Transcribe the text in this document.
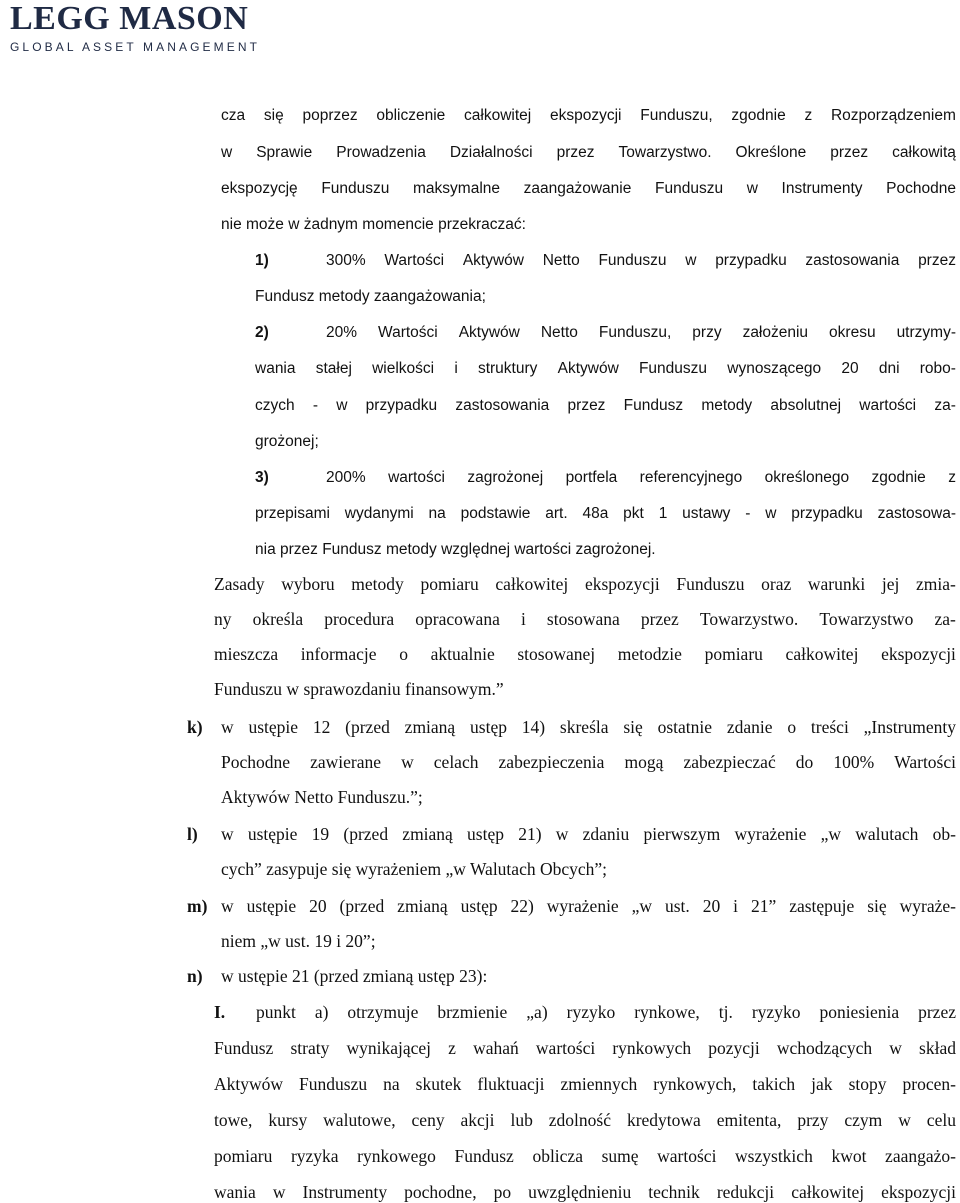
LEGG MASON

GLOBAL ASSET MANAGEMENT

cza się poprzez obliczenie całkowitej ekspozycji Funduszu, zgodnie z Rozporządzeniem
w Sprawie Prowadzenia Działalności przez Towarzystwo. Określone przez całkowitą
ekspozycję Funduszu maksymalne zaangażowanie Funduszu w Instrumenty Pochodne
nie może w żadnym momencie przekraczać:
1)	300% Wartości Aktywów Netto Funduszu w przypadku zastosowania przez
Fundusz metody zaangażowania;
2)	20% Wartości Aktywów Netto Funduszu, przy założeniu okresu utrzymy-
wania stałej wielkości i struktury Aktywów Funduszu wynoszącego 20 dni robo-
czych - w przypadku zastosowania przez Fundusz metody absolutnej wartości za-
grożonej;
3)	200% wartości zagrożonej portfela referencyjnego określonego zgodnie z
przepisami wydanymi na podstawie art. 48a pkt 1 ustawy - w przypadku zastosowa-
nia przez Fundusz metody względnej wartości zagrożonej.
Zasady wyboru metody pomiaru całkowitej ekspozycji Funduszu oraz warunki jej zmia-
ny określa procedura opracowana i stosowana przez Towarzystwo. Towarzystwo za-
mieszcza informacje o aktualnie stosowanej metodzie pomiaru całkowitej ekspozycji
Funduszu w sprawozdaniu finansowym.”
k) w ustępie 12 (przed zmianą ustęp 14) skreśla się ostatnie zdanie o treści „Instrumenty
Pochodne zawierane w celach zabezpieczenia mogą zabezpieczać do 100% Wartości
Aktywów Netto Funduszu.”;
l) w ustępie 19 (przed zmianą ustęp 21) w zdaniu pierwszym wyrażenie „w walutach ob-
cych” zasypuje się wyrażeniem „w Walutach Obcych”;
m) w ustępie 20 (przed zmianą ustęp 22) wyrażenie „w ust. 20 i 21” zastępuje się wyraże-
niem „w ust. 19 i 20”;
n) w ustępie 21 (przed zmianą ustęp 23):
I. punkt a) otrzymuje brzmienie „a) ryzyko rynkowe, tj. ryzyko poniesienia przez
Fundusz straty wynikającej z wahań wartości rynkowych pozycji wchodzących w skład
Aktywów Funduszu na skutek fluktuacji zmiennych rynkowych, takich jak stopy procen-
towe, kursy walutowe, ceny akcji lub zdolność kredytowa emitenta, przy czym w celu
pomiaru ryzyka rynkowego Fundusz oblicza sumę wartości wszystkich kwot zaangażo-
wania w Instrumenty pochodne, po uwzględnieniu technik redukcji całkowitej ekspozycji
